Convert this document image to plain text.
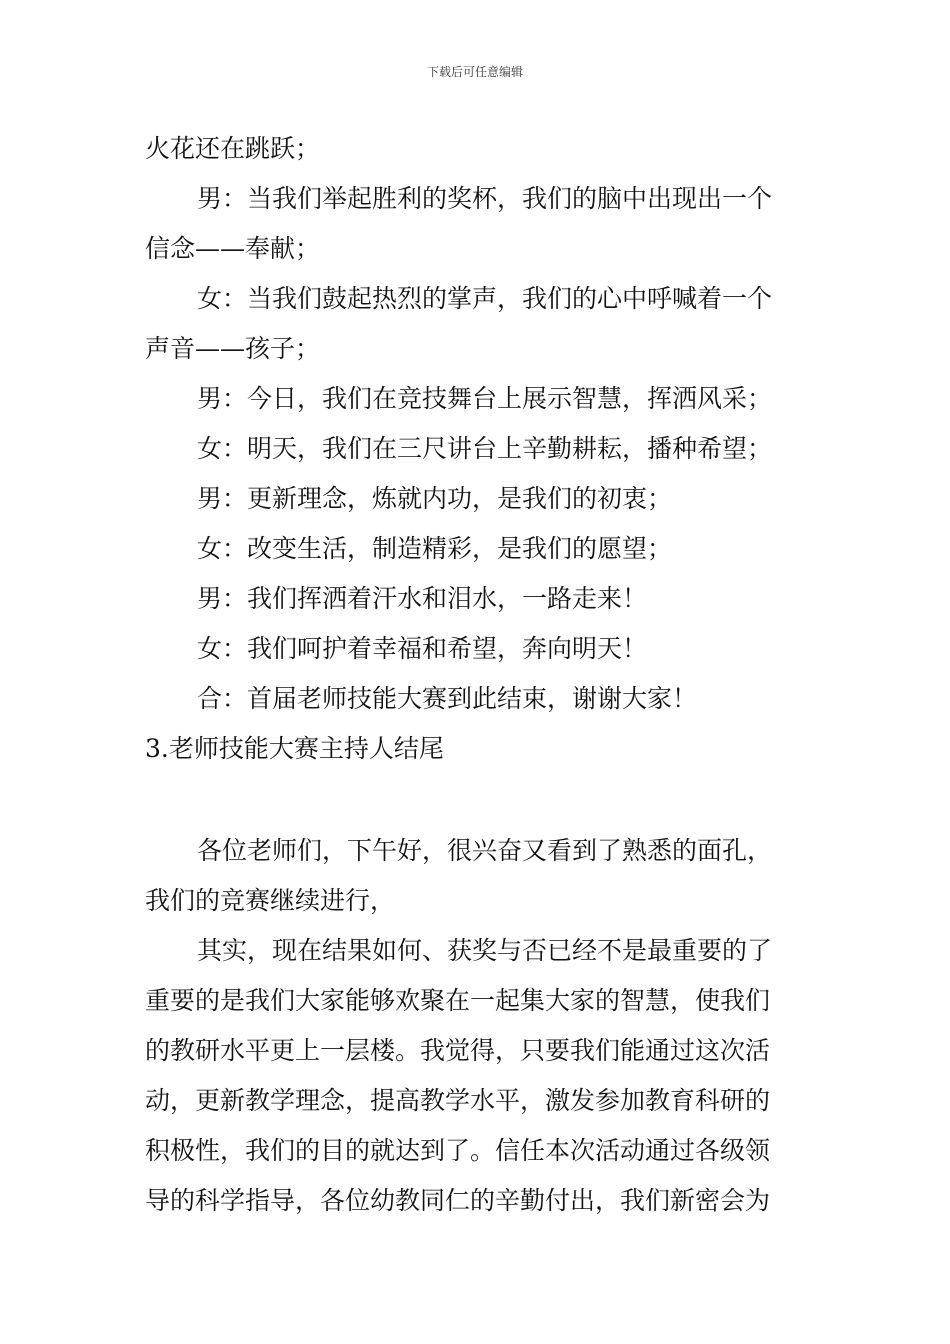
下载后可任意编辑
火花还在跳跃；
男：当我们举起胜利的奖杯，我们的脑中出现出一个
信念——奉献；
女：当我们鼓起热烈的掌声，我们的心中呼喊着一个
声音——孩子；
男：今日，我们在竞技舞台上展示智慧，挥洒风采；
女：明天，我们在三尺讲台上辛勤耕耘，播种希望；
男：更新理念，炼就内功，是我们的初衷；
女：改变生活，制造精彩，是我们的愿望；
男：我们挥洒着汗水和泪水，一路走来！
女：我们呵护着幸福和希望，奔向明天！
合：首届老师技能大赛到此结束，谢谢大家！
3.老师技能大赛主持人结尾
各位老师们，下午好，很兴奋又看到了熟悉的面孔，
我们的竞赛继续进行，
其实，现在结果如何、获奖与否已经不是最重要的了
重要的是我们大家能够欢聚在一起集大家的智慧，使我们
的教研水平更上一层楼。我觉得，只要我们能通过这次活
动，更新教学理念，提高教学水平，激发参加教育科研的
积极性，我们的目的就达到了。信任本次活动通过各级领
导的科学指导，各位幼教同仁的辛勤付出，我们新密会为
